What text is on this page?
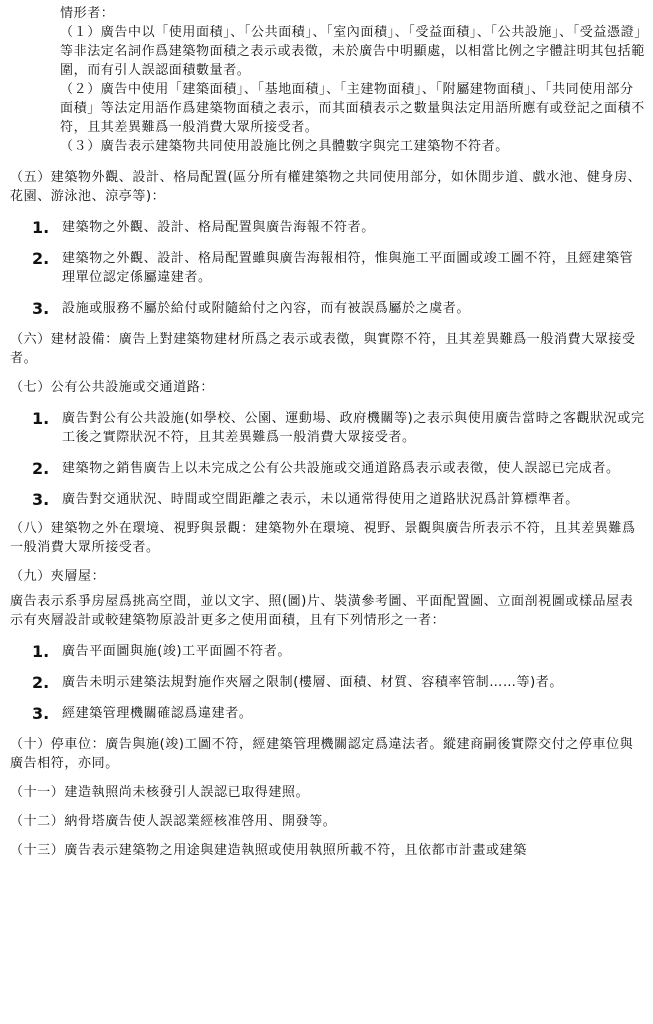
情形者：

（１）廣告中以「使用面積」、「公共面積」、「室內面積」、「受益面積」、「公共設施」、「受益憑證」等非法定名詞作爲建築物面積之表示或表徵，未於廣告中明顯處，以相當比例之字體註明其包括範圍，而有引人誤認面積數量者。

（２）廣告中使用「建築面積」、「基地面積」、「主建物面積」、「附屬建物面積」、「共同使用部分面積」等法定用語作爲建築物面積之表示，而其面積表示之數量與法定用語所應有或登記之面積不符，且其差異難爲一般消費大眾所接受者。

（３）廣告表示建築物共同使用設施比例之具體數字與完工建築物不符者。

（五）建築物外觀、設計、格局配置(區分所有權建築物之共同使用部分，如休閒步道、戲水池、健身房、花園、游泳池、涼亭等)：

1. 建築物之外觀、設計、格局配置與廣告海報不符者。

2. 建築物之外觀、設計、格局配置雖與廣告海報相符，惟與施工平面圖或竣工圖不符，且經建築管理單位認定係屬違建者。

3. 設施或服務不屬於給付或附隨給付之內容，而有被誤爲屬於之虞者。

（六）建材設備：廣告上對建築物建材所爲之表示或表徵，與實際不符，且其差異難爲一般消費大眾接受者。

（七）公有公共設施或交通道路：

1. 廣告對公有公共設施(如學校、公園、運動場、政府機關等)之表示與使用廣告當時之客觀狀況或完工後之實際狀況不符，且其差異難爲一般消費大眾接受者。

2. 建築物之銷售廣告上以未完成之公有公共設施或交通道路爲表示或表徵，使人誤認已完成者。

3. 廣告對交通狀況、時間或空間距離之表示，未以通常得使用之道路狀況爲計算標準者。

（八）建築物之外在環境、視野與景觀：建築物外在環境、視野、景觀與廣告所表示不符，且其差異難爲一般消費大眾所接受者。

（九）夾層屋：

廣告表示系爭房屋爲挑高空間，並以文字、照(圖)片、裝潢參考圖、平面配置圖、立面剖視圖或樣品屋表示有夾層設計或較建築物原設計更多之使用面積，且有下列情形之一者：

1. 廣告平面圖與施(竣)工平面圖不符者。

2. 廣告未明示建築法規對施作夾層之限制(樓層、面積、材質、容積率管制……等)者。

3. 經建築管理機關確認爲違建者。

（十）停車位：廣告與施(竣)工圖不符，經建築管理機關認定爲違法者。縱建商嗣後實際交付之停車位與廣告相符，亦同。

（十一）建造執照尚未核發引人誤認已取得建照。

（十二）納骨塔廣告使人誤認業經核准啓用、開發等。

（十三）廣告表示建築物之用途與建造執照或使用執照所載不符，且依都市計畫或建築
